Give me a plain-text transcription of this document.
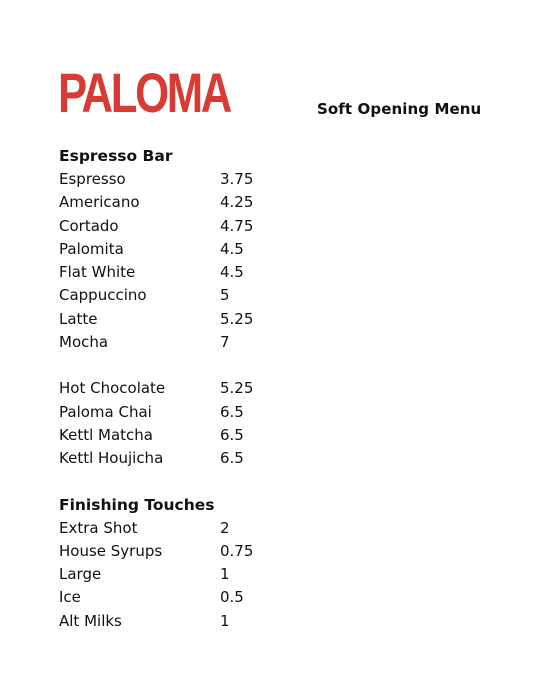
PALOMA	Soft Opening Menu
Espresso Bar
Espresso	3.75
Americano	4.25
Cortado	4.75
Palomita	4.5
Flat White	4.5
Cappuccino	5
Latte	5.25
Mocha	7
Hot Chocolate	5.25
Paloma Chai	6.5
Kettl Matcha	6.5
Kettl Houjicha	6.5
Finishing Touches
Extra Shot	2
House Syrups	0.75
Large	1
Ice	0.5
Alt Milks	1
